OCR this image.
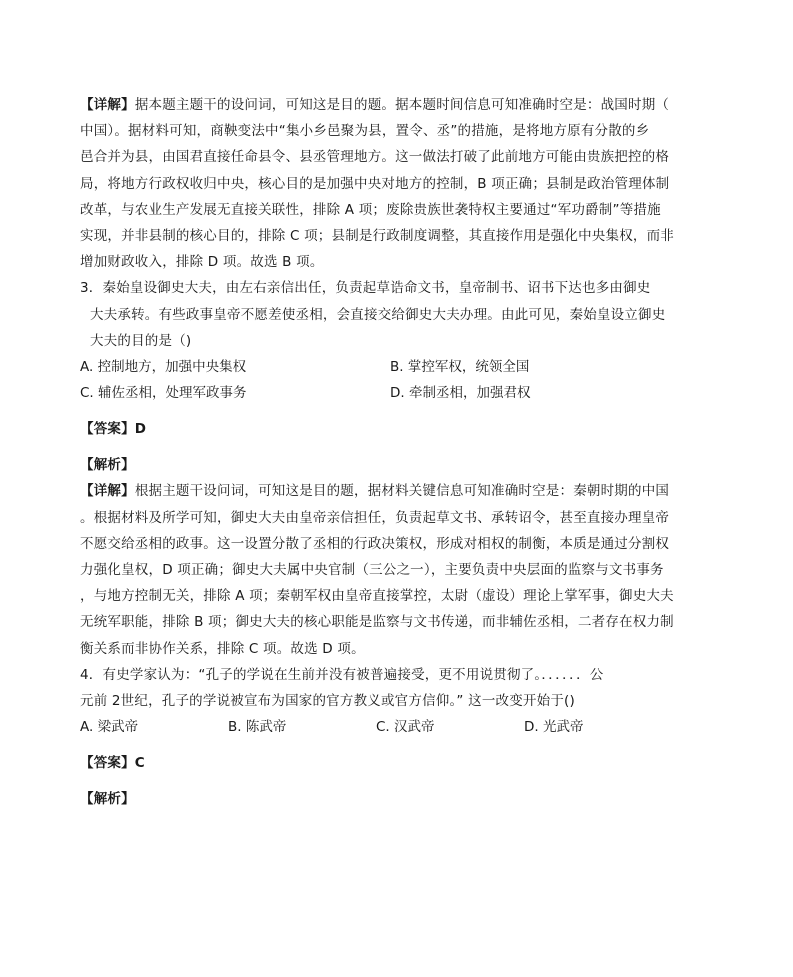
【详解】据本题主题干的设问词，可知这是目的题。据本题时间信息可知准确时空是：战国时期（

中国）。据材料可知，商鞅变法中“集小乡邑聚为县，置令、丞”的措施，是将地方原有分散的乡

邑合并为县，由国君直接任命县令、县丞管理地方。这一做法打破了此前地方可能由贵族把控的格

局，将地方行政权收归中央，核心目的是加强中央对地方的控制，B 项正确；县制是政治管理体制

改革，与农业生产发展无直接关联性，排除 A 项；废除贵族世袭特权主要通过“军功爵制”等措施

实现，并非县制的核心目的，排除 C 项；县制是行政制度调整，其直接作用是强化中央集权，而非

增加财政收入，排除 D 项。故选 B 项。

3．秦始皇设御史大夫，由左右亲信出任，负责起草诰命文书，皇帝制书、诏书下达也多由御史

大夫承转。有些政事皇帝不愿差使丞相，会直接交给御史大夫办理。由此可见，秦始皇设立御史

大夫的目的是（)

A. 控制地方，加强中央集权	B. 掌控军权，统领全国
C. 辅佐丞相，处理军政事务	D. 牵制丞相，加强君权

【答案】D

【解析】

【详解】根据主题干设问词，可知这是目的题，据材料关键信息可知准确时空是：秦朝时期的中国

。根据材料及所学可知，御史大夫由皇帝亲信担任，负责起草文书、承转诏令，甚至直接办理皇帝

不愿交给丞相的政事。这一设置分散了丞相的行政决策权，形成对相权的制衡，本质是通过分割权

力强化皇权，D 项正确；御史大夫属中央官制（三公之一），主要负责中央层面的监察与文书事务

，与地方控制无关，排除 A 项；秦朝军权由皇帝直接掌控，太尉（虚设）理论上掌军事，御史大夫

无统军职能，排除 B 项；御史大夫的核心职能是监察与文书传递，而非辅佐丞相，二者存在权力制

衡关系而非协作关系，排除 C 项。故选 D 项。

4．有史学家认为：“孔子的学说在生前并没有被普遍接受，更不用说贯彻了。．．．．．．公

元前 2世纪，孔子的学说被宣布为国家的官方教义或官方信仰。” 这一改变开始于()

A. 梁武帝	B. 陈武帝	C. 汉武帝	D. 光武帝

【答案】C

【解析】
